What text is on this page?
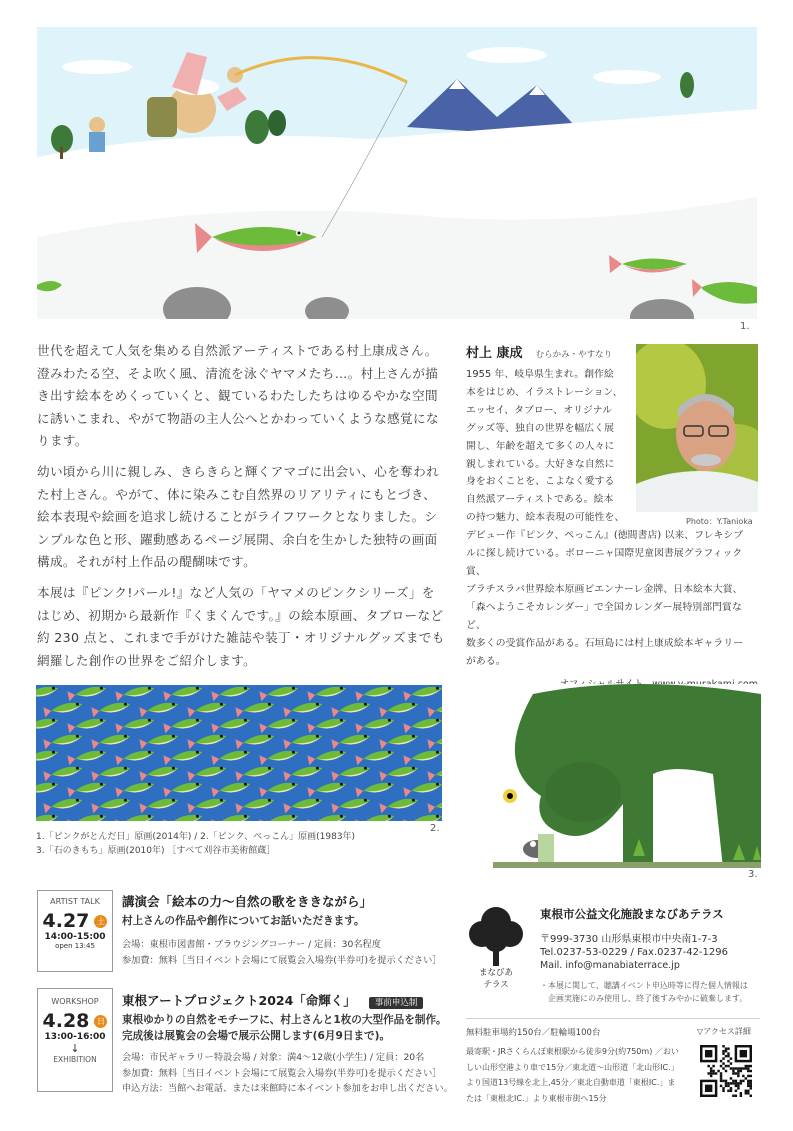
1.

世代を超えて人気を集める自然派アーティストである村上康成さん。澄みわたる空、そよ吹く風、清流を泳ぐヤマメたち…。村上さんが描き出す絵本をめくっていくと、観ているわたしたちはゆるやかな空間に誘いこまれ、やがて物語の主人公へとかわっていくような感覚になります。

幼い頃から川に親しみ、きらきらと輝くアマゴに出会い、心を奪われた村上さん。やがて、体に染みこむ自然界のリアリティにもとづき、絵本表現や絵画を追求し続けることがライフワークとなりました。シンプルな色と形、躍動感あるページ展開、余白を生かした独特の画面構成。それが村上作品の醍醐味です。

本展は『ピンク!パール!』など人気の「ヤマメのピンクシリーズ」をはじめ、初期から最新作『くまくんです。』の絵本原画、タブローなど約 230 点と、これまで手がけた雑誌や装丁・オリジナルグッズまでも網羅した創作の世界をご紹介します。

村上 康成 むらかみ・やすなり
1955 年、岐阜県生まれ。創作絵
本をはじめ、イラストレーション、
エッセイ、タブロー、オリジナル
グッズ等、独自の世界を幅広く展
開し、年齢を超えて多くの人々に
親しまれている。大好きな自然に
身をおくことを、こよなく愛する
自然派アーティストである。絵本
の持つ魅力、絵本表現の可能性を、
デビュー作『ピンク、ぺっこん』(徳間書店) 以来、フレキシブ
ルに探し続けている。ボローニャ国際児童図書展グラフィック賞、
ブラチスラバ世界絵本原画ビエンナーレ金牌、日本絵本大賞、
「森へようこそカレンダー」で全国カレンダー展特別部門賞など、
数多くの受賞作品がある。石垣島には村上康成絵本ギャラリー
がある。
Photo：Y.Tanioka
2.
3.
1.「ピンクがとんだ日」原画(2014年) / 2.「ピンク、ぺっこん」原画(1983年)
3.「石のきもち」原画(2010年) ［すべて刈谷市美術館蔵］
ARTIST TALK
4.27 土
14:00-15:00
open 13:45
講演会「絵本の力～自然の歌をききながら」
村上さんの作品や創作についてお話いただきます。
会場：東根市図書館・ブラウジングコーナー / 定員：30名程度
参加費：無料［当日イベント会場にて展覧会入場券(半券可)を提示ください］
WORKSHOP
4.28 日
13:00-16:00
↓
EXHIBITION
東根アートプロジェクト2024「命輝く」 事前申込制
東根ゆかりの自然をモチーフに、村上さんと1枚の大型作品を制作。
完成後は展覧会の会場で展示公開します(6月9日まで)。
会場：市民ギャラリー特設会場 / 対象：満4～12歳(小学生) / 定員：20名
参加費：無料［当日イベント会場にて展覧会入場券(半券可)を提示ください］
申込方法：当館へお電話、または来館時に本イベント参加をお申し出ください。
まなびあ
テラス
東根市公益文化施設まなびあテラス
〒999-3730 山形県東根市中央南1-7-3
Tel.0237-53-0229 / Fax.0237-42-1296
Mail. info@manabiaterrace.jp
・本展に関して、聴講イベント申込時等に得た個人情報は
　企画実施にのみ使用し、終了後すみやかに破棄します。
無料駐車場約150台／駐輪場100台	▽アクセス詳細
最寄駅・JRさくらんぼ東根駅から徒歩9分(約750m) ／おい
しい山形空港より車で15分／東北道〜山形道「北山形IC.」
より国道13号線を北上,45分／東北自動車道「東根IC.」ま
たは「東根北IC.」より東根市街へ15分
